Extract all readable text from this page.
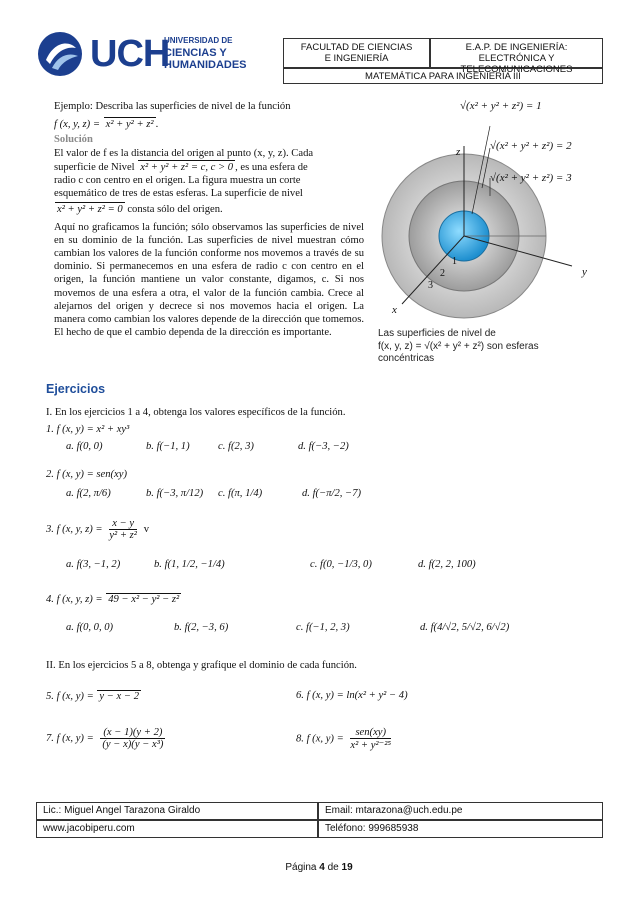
UCH
UNIVERSIDAD DE
CIENCIAS Y
HUMANIDADES
FACULTAD DE CIENCIAS
E INGENIERÍA
E.A.P. DE INGENIERÍA:
ELECTRÓNICA Y TELECOMUNICACIONES
MATEMÁTICA PARA INGENIERÍA III
Ejemplo: Describa las superficies de nivel de la función
f (x, y, z) = x² + y² + z² .
Solución
El valor de f es la distancia del origen al punto (x, y, z). Cada
superficie de Nivel x² + y² + z² = c, c > 0 , es una esfera de
radio c con centro en el origen. La figura muestra un corte
esquemático de tres de estas esferas. La superficie de nivel
x² + y² + z² = 0 consta sólo del origen.
Aquí no graficamos la función; sólo observamos las superficies de nivel en su dominio de la función. Las superficies de nivel muestran cómo cambian los valores de la función conforme nos movemos a través de su dominio. Si permanecemos en una esfera de radio c con centro en el origen, la función mantiene un valor constante, digamos, c. Si nos movemos de una esfera a otra, el valor de la función cambia. Crece al alejarnos del origen y decrece si nos movemos hacia el origen. La manera como cambian los valores depende de la dirección que tomemos. El hecho de que el cambio dependa de la dirección es importante.
√(x² + y² + z²) = 1
√(x² + y² + z²) = 2
√(x² + y² + z²) = 3
z
y
x
1
2
3
Las superficies de nivel de
f(x, y, z) = √(x² + y² + z²) son esferas
concéntricas
Ejercicios
I. En los ejercicios 1 a 4, obtenga los valores específicos de la función.
1. f (x, y) = x² + xy³
a. f(0, 0)	b. f(−1, 1)	c. f(2, 3)	d. f(−3, −2)
2. f (x, y) = sen(xy)
a. f(2, π/6)	b. f(−3, π/12) c. f(π, 1/4)	d. f(−π/2, −7)
3. f (x, y, $z) = \frac{x - y}{\text{y² + z²}}$ v
a. f(3, −1, 2)	b. f(1, 1/2, −1/4)	c. f(0, −1/3, 0)	d. f(2, 2, 100)
4. f (x, y, z) = 49 − x² − y² − z²
a. f(0, 0, 0)	b. f(2, −3, 6)	c. f(−1, 2, 3)	d. f(4/√2, 5/√2, 6/√2)
II. En los ejercicios 5 a 8, obtenga y grafique el dominio de cada función.
5. f (x, y) = y − x − 2	6. f (x, y) = ln(x² + y² − 4)
7. f (x, $y) = \frac{(x - 1)(y + 2)}{\text{(y − x)(y − x³)}}$	8. f (x, y) =
sen(xy)
x² + y²⁻²⁵
Lic.: Miguel Angel Tarazona Giraldo	Email: mtarazona@uch.edu.pe
www.jacobiperu.com	Teléfono: 999685938
Página 4 de 19
